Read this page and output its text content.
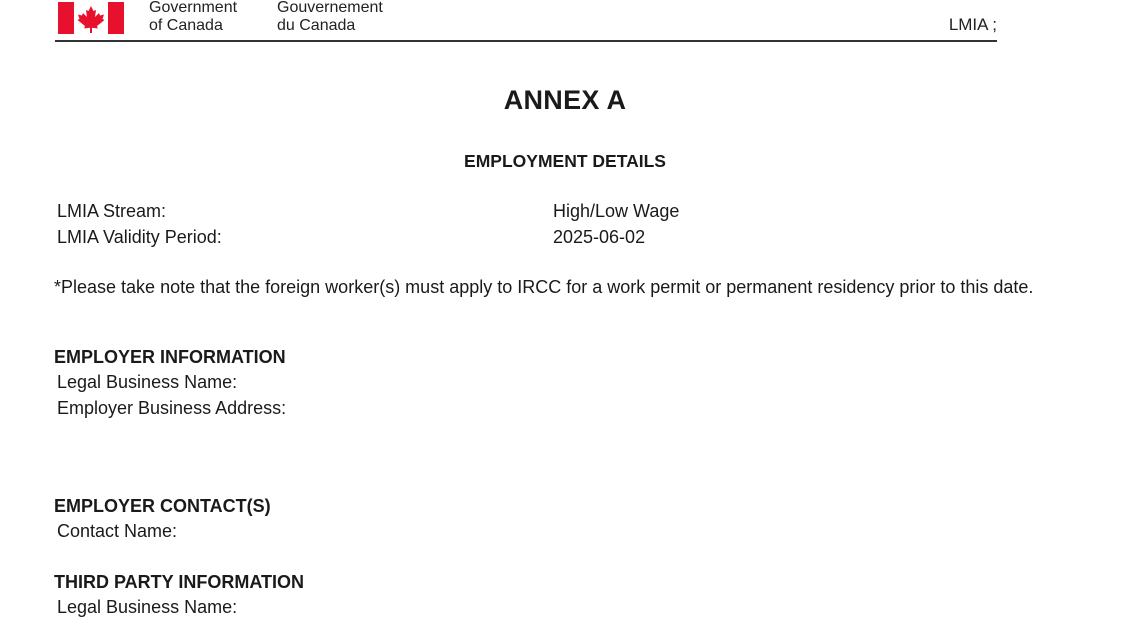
Government
of Canada
Gouvernement
du Canada	LMIA ;
ANNEX A
EMPLOYMENT DETAILS
LMIA Stream:	High/Low Wage
LMIA Validity Period:	2025-06-02
*Please take note that the foreign worker(s) must apply to IRCC for a work permit or permanent residency prior to this date.
EMPLOYER INFORMATION
Legal Business Name:
Employer Business Address:
EMPLOYER CONTACT(S)
Contact Name:
THIRD PARTY INFORMATION
Legal Business Name:
